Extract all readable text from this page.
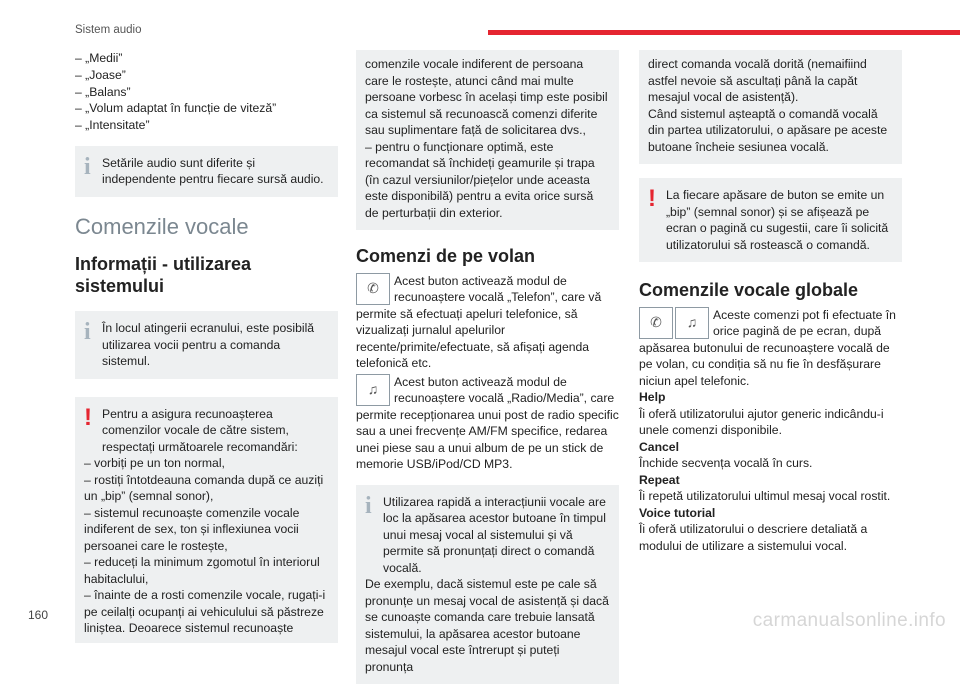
Sistem audio
160
– „Medii”
– „Joase”
– „Balans”
– „Volum adaptat în funcție de viteză”
– „Intensitate”
i Setările audio sunt diferite și independente pentru fiecare sursă audio.
Comenzile vocale
Informații - utilizarea sistemului
i În locul atingerii ecranului, este posibilă utilizarea vocii pentru a comanda sistemul.
! Pentru a asigura recunoașterea comenzilor vocale de către sistem, respectați următoarele recomandări:
– vorbiți pe un ton normal,
– rostiți întotdeauna comanda după ce auziți un „bip” (semnal sonor),
– sistemul recunoaște comenzile vocale indiferent de sex, ton și inflexiunea vocii persoanei care le rostește,
– reduceți la minimum zgomotul în interiorul habitaclului,
– înainte de a rosti comenzile vocale, rugați-i pe ceilalți ocupanți ai vehiculului să păstreze liniștea. Deoarece sistemul recunoaște
comenzile vocale indiferent de persoana care le rostește, atunci când mai multe persoane vorbesc în același timp este posibil ca sistemul să recunoască comenzi diferite sau suplimentare față de solicitarea dvs.,
– pentru o funcționare optimă, este recomandat să închideți geamurile și trapa (în cazul versiunilor/piețelor unde aceasta este disponibilă) pentru a evita orice sursă de perturbații din exterior.
Comenzi de pe volan
✆	Acest buton activează modul de recunoaștere vocală „Telefon”, care vă permite să efectuați apeluri telefonice, să vizualizați jurnalul apelurilor recente/primite/efectuate, să afișați agenda telefonică etc.
♫	Acest buton activează modul de recunoaștere vocală „Radio/Media”, care permite recepționarea unui post de radio specific sau a unei frecvențe AM/FM specifice, redarea unei piese sau a unui album de pe un stick de memorie USB/iPod/CD MP3.
i Utilizarea rapidă a interacțiunii vocale are loc la apăsarea acestor butoane în timpul unui mesaj vocal al sistemului și vă permite să pronunțați direct o comandă vocală.
De exemplu, dacă sistemul este pe cale să pronunțe un mesaj vocal de asistență și dacă se cunoaște comanda care trebuie lansată sistemului, la apăsarea acestor butoane mesajul vocal este întrerupt și puteți pronunța
direct comanda vocală dorită (nemaifiind astfel nevoie să ascultați până la capăt mesajul vocal de asistență).
Când sistemul așteaptă o comandă vocală din partea utilizatorului, o apăsare pe aceste butoane încheie sesiunea vocală.
! La fiecare apăsare de buton se emite un „bip” (semnal sonor) și se afișează pe ecran o pagină cu sugestii, care îi solicită utilizatorului să rostească o comandă.
Comenzile vocale globale
✆	♫	Aceste comenzi pot fi efectuate în orice pagină de pe ecran, după apăsarea butonului de recunoaștere vocală de pe volan, cu condiția să nu fie în desfășurare niciun apel telefonic.
Help
Îi oferă utilizatorului ajutor generic indicându-i unele comenzi disponibile.
Cancel
Închide secvența vocală în curs.
Repeat
Îi repetă utilizatorului ultimul mesaj vocal rostit.
Voice tutorial
Îi oferă utilizatorului o descriere detaliată a modului de utilizare a sistemului vocal.
carmanualsonline.info
